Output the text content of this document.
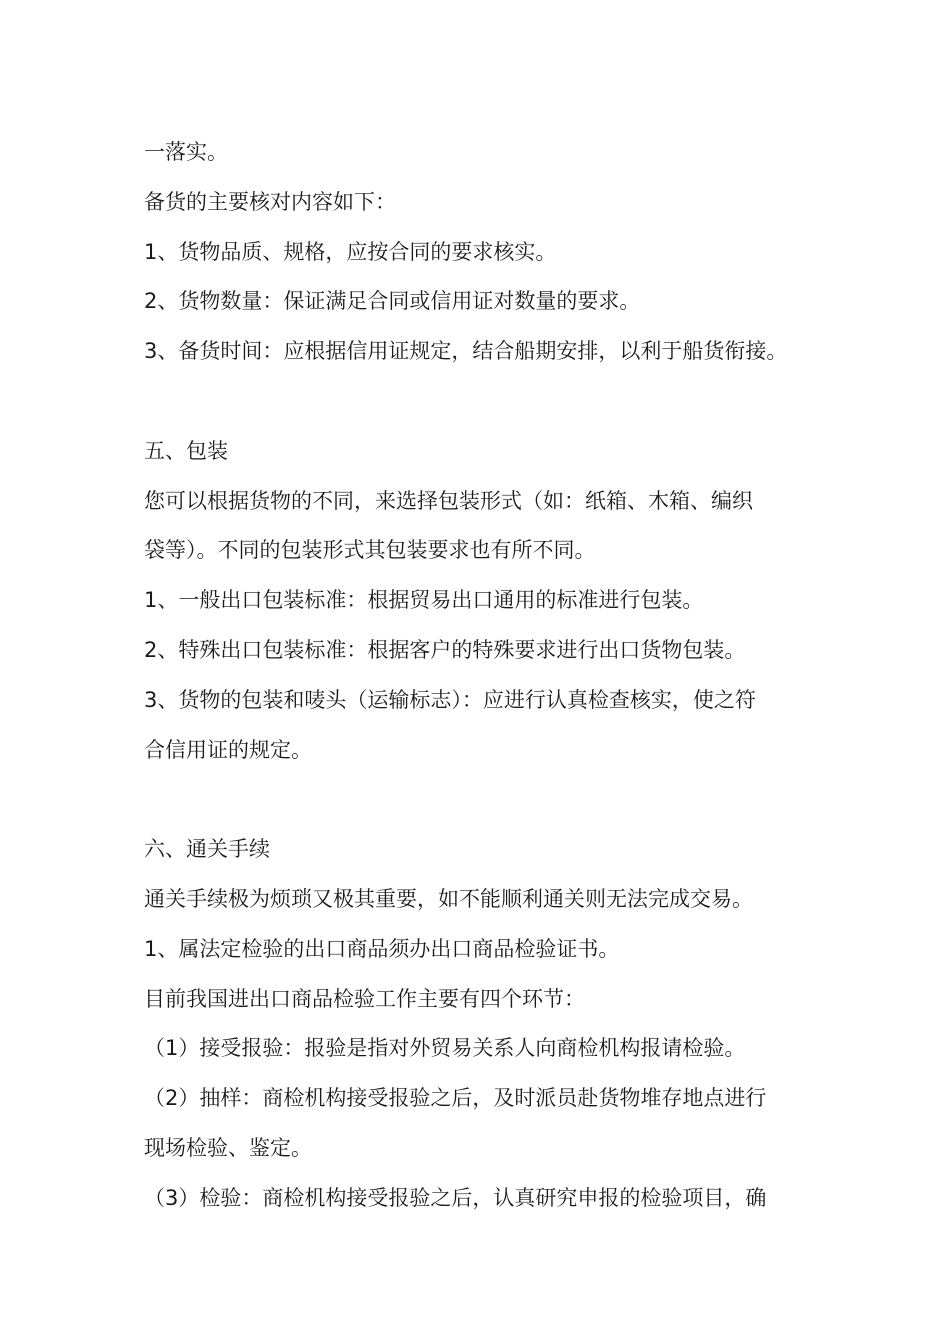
一落实。
备货的主要核对内容如下：
1、货物品质、规格，应按合同的要求核实。
2、货物数量：保证满足合同或信用证对数量的要求。
3、备货时间：应根据信用证规定，结合船期安排，以利于船货衔接。
五、包装
您可以根据货物的不同，来选择包装形式（如：纸箱、木箱、编织
袋等）。不同的包装形式其包装要求也有所不同。
1、一般出口包装标准：根据贸易出口通用的标准进行包装。
2、特殊出口包装标准：根据客户的特殊要求进行出口货物包装。
3、货物的包装和唛头（运输标志）：应进行认真检查核实，使之符
合信用证的规定。
六、通关手续
通关手续极为烦琐又极其重要，如不能顺利通关则无法完成交易。
1、属法定检验的出口商品须办出口商品检验证书。
目前我国进出口商品检验工作主要有四个环节：
（1）接受报验：报验是指对外贸易关系人向商检机构报请检验。
（2）抽样：商检机构接受报验之后，及时派员赴货物堆存地点进行
现场检验、鉴定。
（3）检验：商检机构接受报验之后，认真研究申报的检验项目，确
